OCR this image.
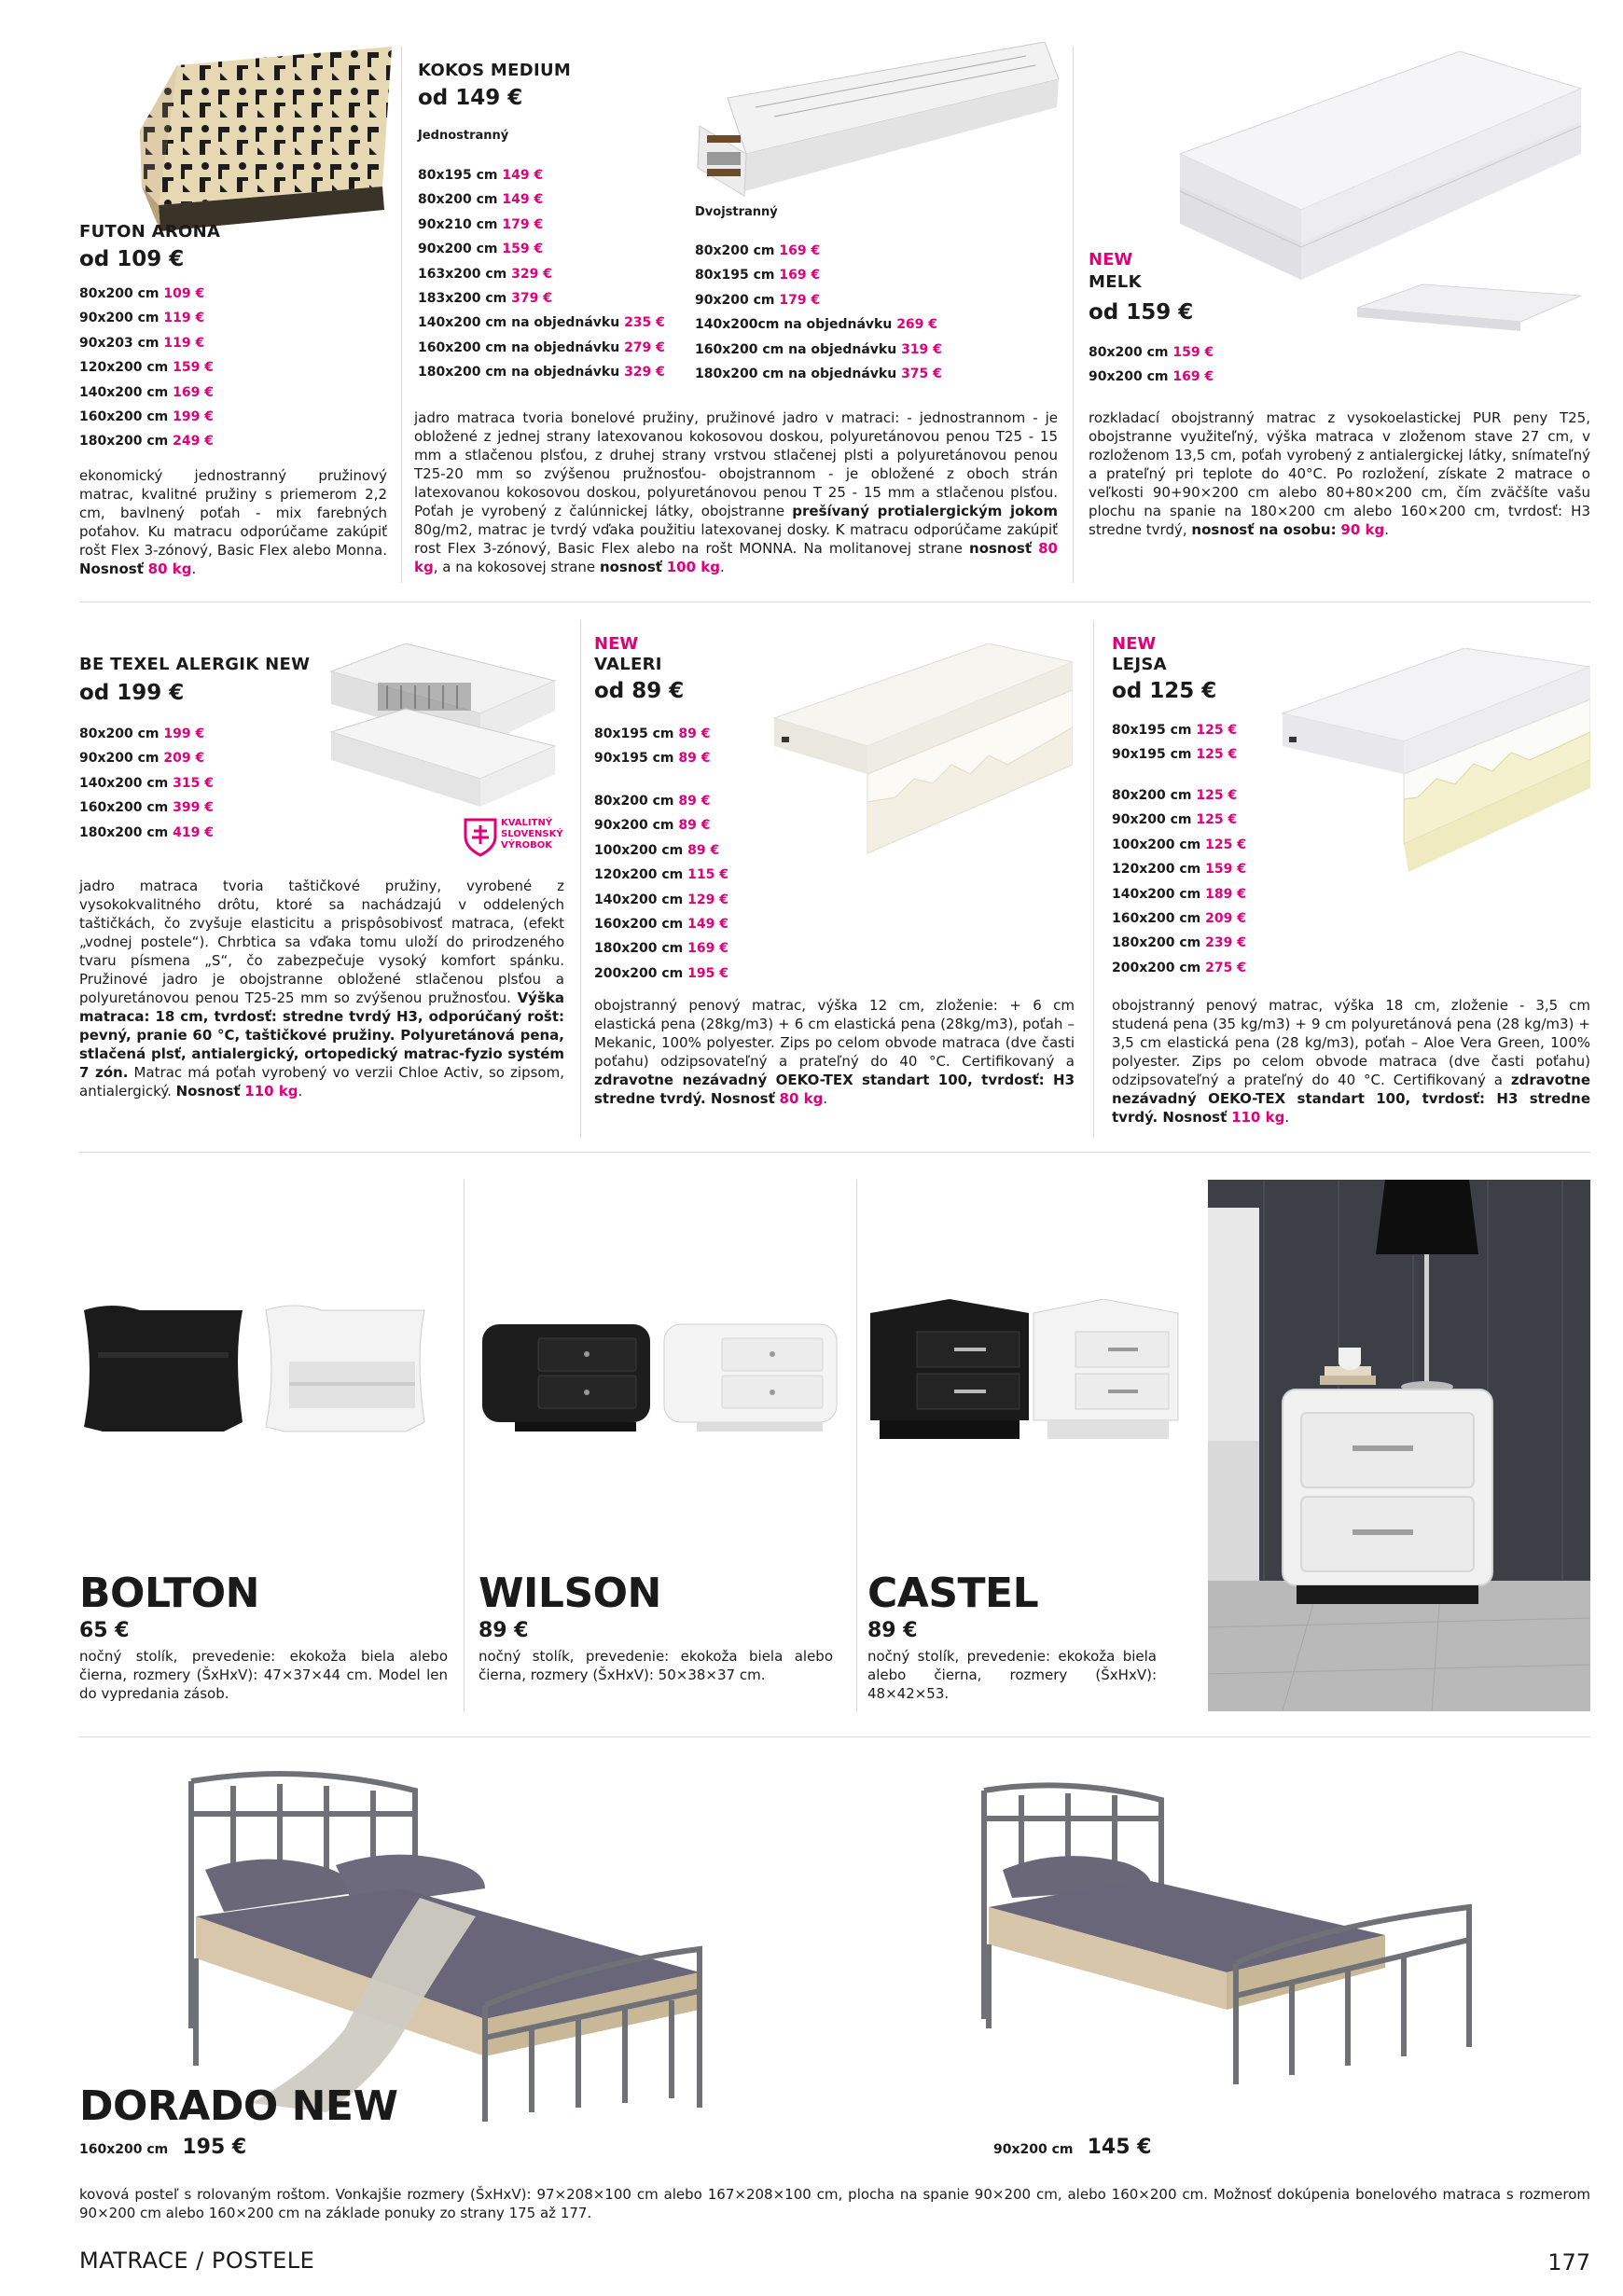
FUTON ARONA
od 109 €
80x200 cm 109 €
90x200 cm 119 €
90x203 cm 119 €
120x200 cm 159 €
140x200 cm 169 €
160x200 cm 199 €
180x200 cm 249 €
ekonomický jednostranný pružinový matrac, kvalitné pružiny s priemerom 2,2 cm, bavlnený poťah - mix farebných poťahov. Ku matracu odporúčame zakúpiť rošt Flex 3-zónový, Basic Flex alebo Monna. Nosnosť 80 kg.
KOKOS MEDIUM
od 149 €
Jednostranný
80x195 cm 149 €
80x200 cm 149 €
90x210 cm 179 €
90x200 cm 159 €
163x200 cm 329 €
183x200 cm 379 €
140x200 cm na objednávku 235 €
160x200 cm na objednávku 279 €
180x200 cm na objednávku 329 €
Dvojstranný
80x200 cm 169 €
80x195 cm 169 €
90x200 cm 179 €
140x200cm na objednávku 269 €
160x200 cm na objednávku 319 €
180x200 cm na objednávku 375 €
jadro matraca tvoria bonelové pružiny, pružinové jadro v matraci: - jednostrannom - je obložené z jednej strany latexovanou kokosovou doskou, polyuretánovou penou T25 - 15 mm a stlačenou plsťou, z druhej strany vrstvou stlačenej plsti a polyuretánovou penou T25-20 mm so zvýšenou pružnosťou- obojstrannom - je obložené z oboch strán latexovanou kokosovou doskou, polyuretánovou penou T 25 - 15 mm a stlačenou plsťou. Poťah je vyrobený z čalúnnickej látky, obojstranne prešívaný protialergickým jokom 80g/m2, matrac je tvrdý vďaka použitiu latexovanej dosky. K matracu odporúčame zakúpiť rost Flex 3-zónový, Basic Flex alebo na rošt MONNA. Na molitanovej strane nosnosť 80 kg, a na kokosovej strane nosnosť 100 kg.
NEW
MELK
od 159 €
80x200 cm 159 €
90x200 cm 169 €
rozkladací obojstranný matrac z vysokoelastickej PUR peny T25, obojstranne využiteľný, výška matraca v zloženom stave 27 cm, v rozloženom 13,5 cm, poťah vyrobený z antialergickej látky, snímateľný a prateľný pri teplote do 40°C. Po rozložení, získate 2 matrace o veľkosti 90+90×200 cm alebo 80+80×200 cm, čím zväčšíte vašu plochu na spanie na 180×200 cm alebo 160×200 cm, tvrdosť: H3 stredne tvrdý, nosnosť na osobu: 90 kg.
BE TEXEL ALERGIK NEW
od 199 €
80x200 cm 199 €
90x200 cm 209 €
140x200 cm 315 €
160x200 cm 399 €
180x200 cm 419 €
KVALITNÝ
SLOVENSKÝ
VÝROBOK
jadro matraca tvoria taštičkové pružiny, vyrobené z vysokokvalitného drôtu, ktoré sa nachádzajú v oddelených taštičkách, čo zvyšuje elasticitu a prispôsobivosť matraca, (efekt „vodnej postele“). Chrbtica sa vďaka tomu uloží do prirodzeného tvaru písmena „S“, čo zabezpečuje vysoký komfort spánku. Pružinové jadro je obojstranne obložené stlačenou plsťou a polyuretánovou penou T25-25 mm so zvýšenou pružnosťou. Výška matraca: 18 cm, tvrdosť: stredne tvrdý H3, odporúčaný rošt: pevný, pranie 60 °C, taštičkové pružiny. Polyuretánová pena, stlačená plsť, antialergický, ortopedický matrac-fyzio systém 7 zón. Matrac má poťah vyrobený vo verzii Chloe Activ, so zipsom, antialergický. Nosnosť 110 kg.
NEW
VALERI
od 89 €
80x195 cm 89 €
90x195 cm 89 €
80x200 cm 89 €
90x200 cm 89 €
100x200 cm 89 €
120x200 cm 115 €
140x200 cm 129 €
160x200 cm 149 €
180x200 cm 169 €
200x200 cm 195 €
obojstranný penový matrac, výška 12 cm, zloženie: + 6 cm elastická pena (28kg/m3) + 6 cm elastická pena (28kg/m3), poťah – Mekanic, 100% polyester. Zips po celom obvode matraca (dve časti poťahu) odzipsovateľný a prateľný do 40 °C. Certifikovaný a zdravotne nezávadný OEKO-TEX standart 100, tvrdosť: H3 stredne tvrdý. Nosnosť 80 kg.
NEW
LEJSA
od 125 €
80x195 cm 125 €
90x195 cm 125 €
80x200 cm 125 €
90x200 cm 125 €
100x200 cm 125 €
120x200 cm 159 €
140x200 cm 189 €
160x200 cm 209 €
180x200 cm 239 €
200x200 cm 275 €
obojstranný penový matrac, výška 18 cm, zloženie - 3,5 cm studená pena (35 kg/m3) + 9 cm polyuretánová pena (28 kg/m3) + 3,5 cm elastická pena (28 kg/m3), poťah – Aloe Vera Green, 100% polyester. Zips po celom obvode matraca (dve časti poťahu) odzipsovateľný a prateľný do 40 °C. Certifikovaný a zdravotne nezávadný OEKO-TEX standart 100, tvrdosť: H3 stredne tvrdý. Nosnosť 110 kg.
BOLTON
65 €
nočný stolík, prevedenie: ekokoža biela alebo čierna, rozmery (ŠxHxV): 47×37×44 cm. Model len do vypredania zásob.
WILSON
89 €
nočný stolík, prevedenie: ekokoža biela alebo čierna, rozmery (ŠxHxV): 50×38×37 cm.
CASTEL
89 €
nočný stolík, prevedenie: ekokoža biela alebo čierna, rozmery (ŠxHxV): 48×42×53.
DORADO NEW
160x200 cm 195 €	90x200 cm 145 €
kovová posteľ s rolovaným roštom. Vonkajšie rozmery (ŠxHxV): 97×208×100 cm alebo 167×208×100 cm, plocha na spanie 90×200 cm, alebo 160×200 cm. Možnosť dokúpenia bonelového matraca s rozmerom 90×200 cm alebo 160×200 cm na základe ponuky zo strany 175 až 177.
MATRACE / POSTELE	177
